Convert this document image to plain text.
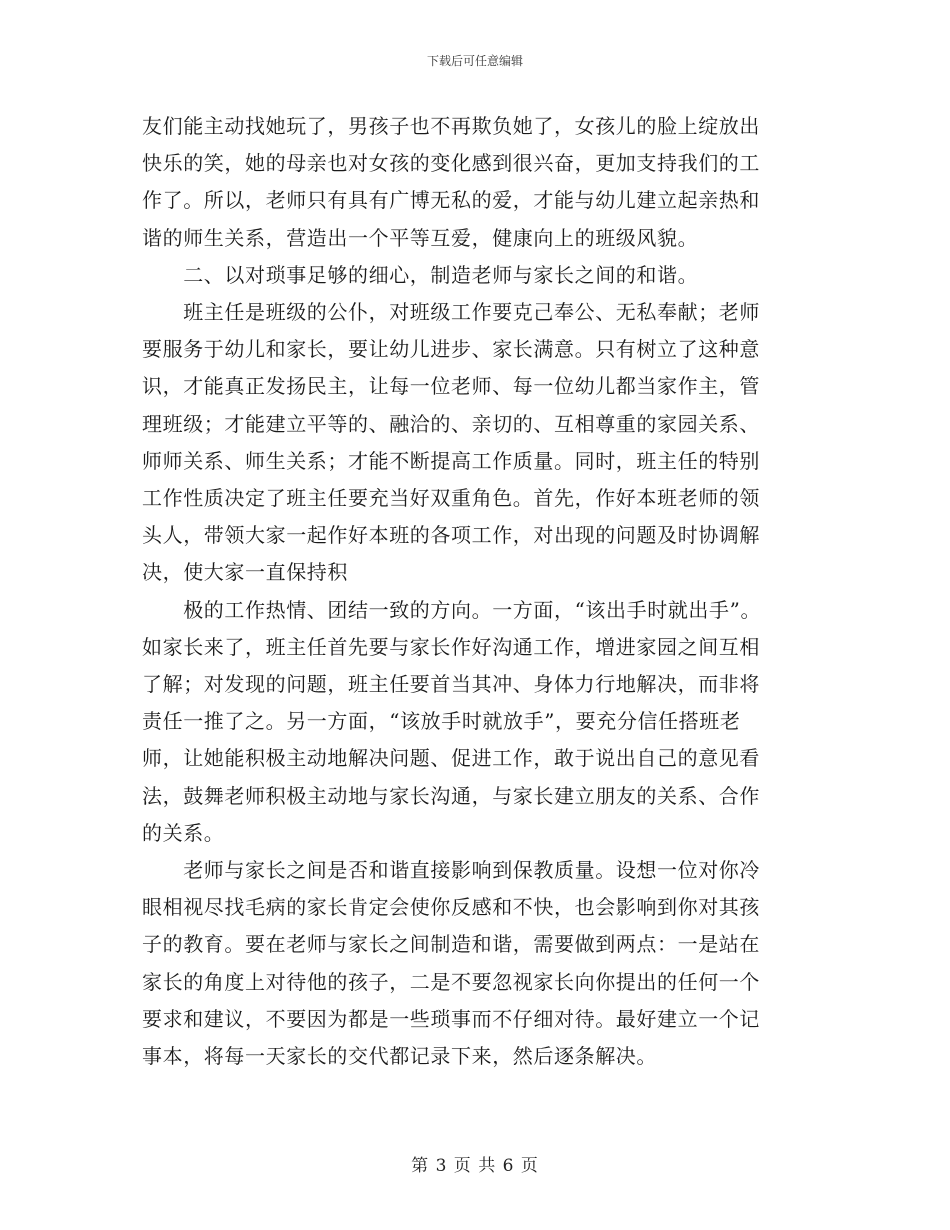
下载后可任意编辑

友们能主动找她玩了，男孩子也不再欺负她了，女孩儿的脸上绽放出
快乐的笑，她的母亲也对女孩的变化感到很兴奋，更加支持我们的工
作了。所以，老师只有具有广博无私的爱，才能与幼儿建立起亲热和
谐的师生关系，营造出一个平等互爱，健康向上的班级风貌。

　　二、以对琐事足够的细心，制造老师与家长之间的和谐。

　　班主任是班级的公仆，对班级工作要克己奉公、无私奉献；老师
要服务于幼儿和家长，要让幼儿进步、家长满意。只有树立了这种意
识，才能真正发扬民主，让每一位老师、每一位幼儿都当家作主，管
理班级；才能建立平等的、融洽的、亲切的、互相尊重的家园关系、
师师关系、师生关系；才能不断提高工作质量。同时，班主任的特别
工作性质决定了班主任要充当好双重角色。首先，作好本班老师的领
头人，带领大家一起作好本班的各项工作，对出现的问题及时协调解
决，使大家一直保持积

　　极的工作热情、团结一致的方向。一方面，“该出手时就出手”。
如家长来了，班主任首先要与家长作好沟通工作，增进家园之间互相
了解；对发现的问题，班主任要首当其冲、身体力行地解决，而非将
责任一推了之。另一方面，“该放手时就放手”，要充分信任搭班老
师，让她能积极主动地解决问题、促进工作，敢于说出自己的意见看
法，鼓舞老师积极主动地与家长沟通，与家长建立朋友的关系、合作
的关系。

　　老师与家长之间是否和谐直接影响到保教质量。设想一位对你冷
眼相视尽找毛病的家长肯定会使你反感和不快，也会影响到你对其孩
子的教育。要在老师与家长之间制造和谐，需要做到两点：一是站在
家长的角度上对待他的孩子，二是不要忽视家长向你提出的任何一个
要求和建议，不要因为都是一些琐事而不仔细对待。最好建立一个记
事本，将每一天家长的交代都记录下来，然后逐条解决。

第 3 页 共 6 页
